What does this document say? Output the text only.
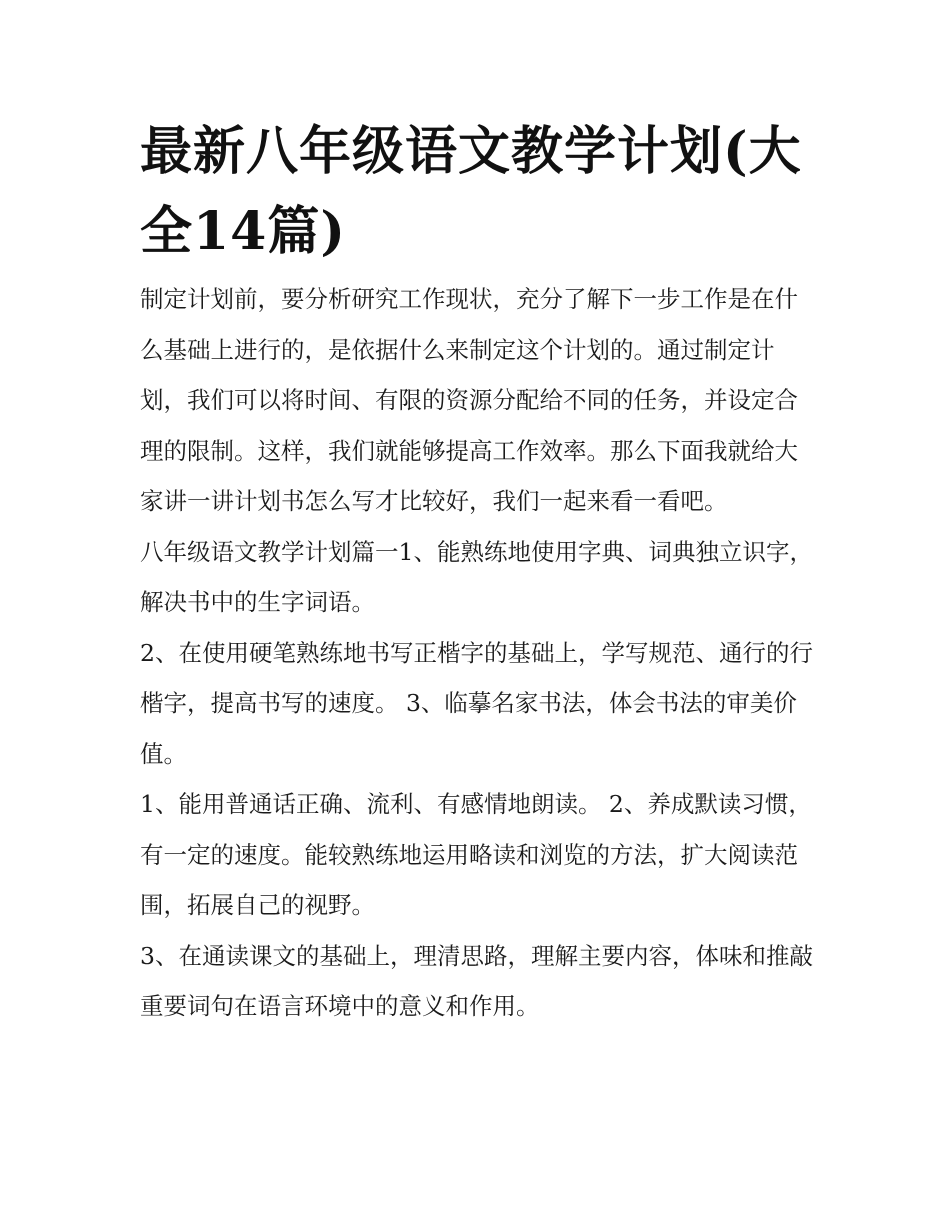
最新八年级语文教学计划(大全14篇)

制定计划前，要分析研究工作现状，充分了解下一步工作是在什么基础上进行的，是依据什么来制定这个计划的。通过制定计划，我们可以将时间、有限的资源分配给不同的任务，并设定合理的限制。这样，我们就能够提高工作效率。那么下面我就给大家讲一讲计划书怎么写才比较好，我们一起来看一看吧。

八年级语文教学计划篇一1、能熟练地使用字典、词典独立识字，解决书中的生字词语。

2、在使用硬笔熟练地书写正楷字的基础上，学写规范、通行的行楷字，提高书写的速度。 3、临摹名家书法，体会书法的审美价值。

1、能用普通话正确、流利、有感情地朗读。 2、养成默读习惯，有一定的速度。能较熟练地运用略读和浏览的方法，扩大阅读范围，拓展自己的视野。

3、在通读课文的基础上，理清思路，理解主要内容，体味和推敲重要词句在语言环境中的意义和作用。
